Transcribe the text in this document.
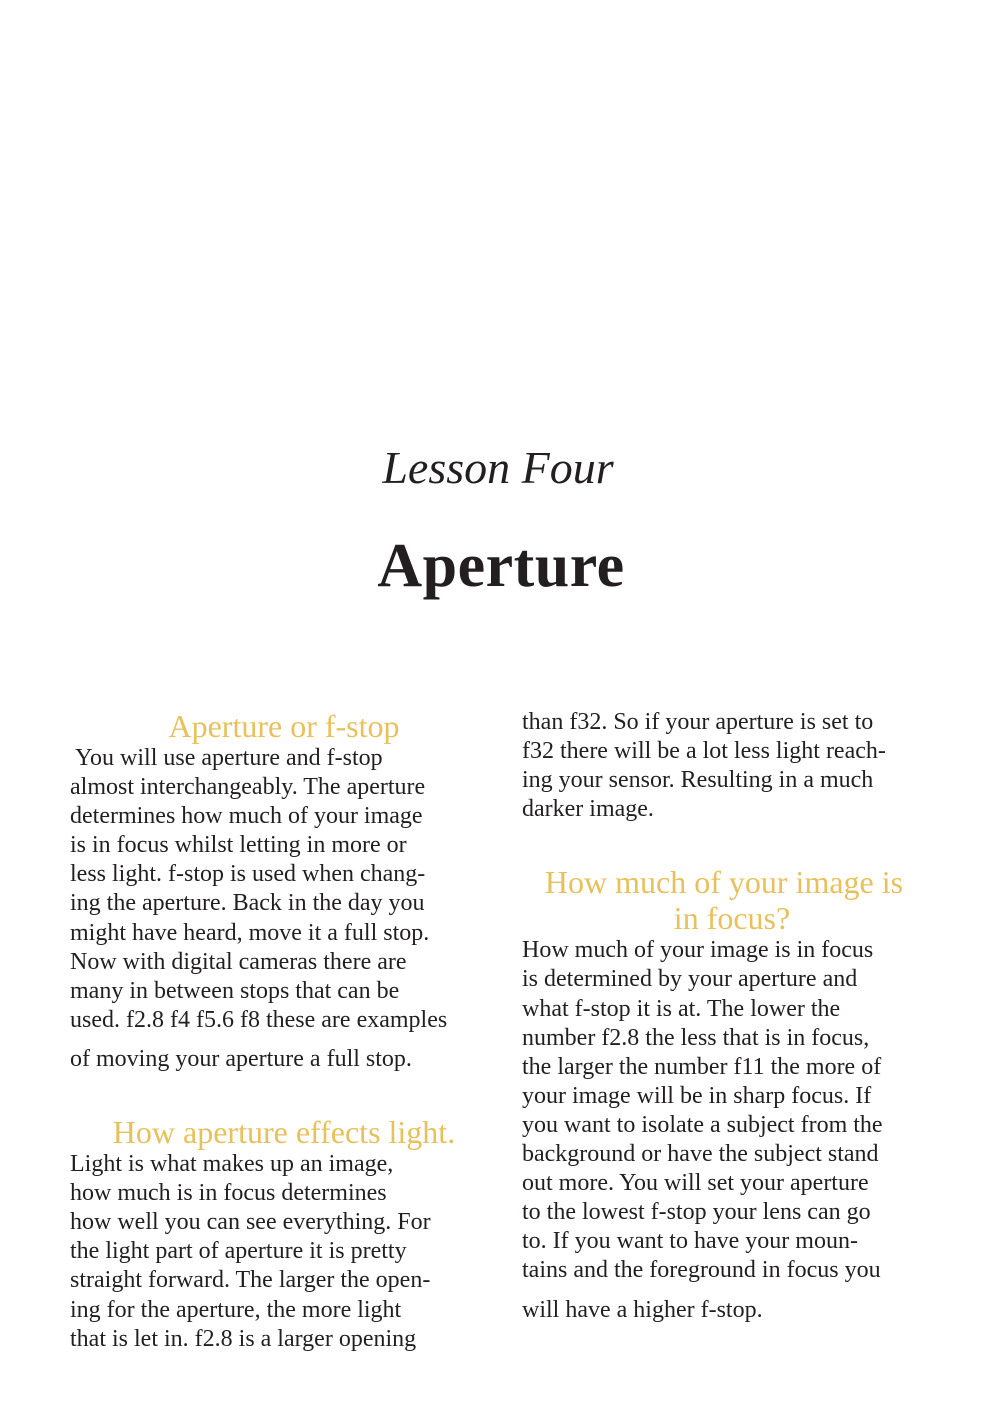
Lesson Four
Aperture
Aperture or f-stop
You will use aperture and f-stop
almost interchangeably. The aperture
determines how much of your image
is in focus whilst letting in more or
less light. f-stop is used when chang-
ing the aperture. Back in the day you
might have heard, move it a full stop.
Now with digital cameras there are
many in between stops that can be
used. f2.8 f4 f5.6 f8 these are examples
of moving your aperture a full stop.
How aperture effects light.
Light is what makes up an image,
how much is in focus determines
how well you can see everything. For
the light part of aperture it is pretty
straight forward. The larger the open-
ing for the aperture, the more light
that is let in. f2.8 is a larger opening
than f32. So if your aperture is set to
f32 there will be a lot less light reach-
ing your sensor. Resulting in a much
darker image.
How much of your image is
in focus?
How much of your image is in focus
is determined by your aperture and
what f-stop it is at. The lower the
number f2.8 the less that is in focus,
the larger the number f11 the more of
your image will be in sharp focus. If
you want to isolate a subject from the
background or have the subject stand
out more. You will set your aperture
to the lowest f-stop your lens can go
to. If you want to have your moun-
tains and the foreground in focus you
will have a higher f-stop.
